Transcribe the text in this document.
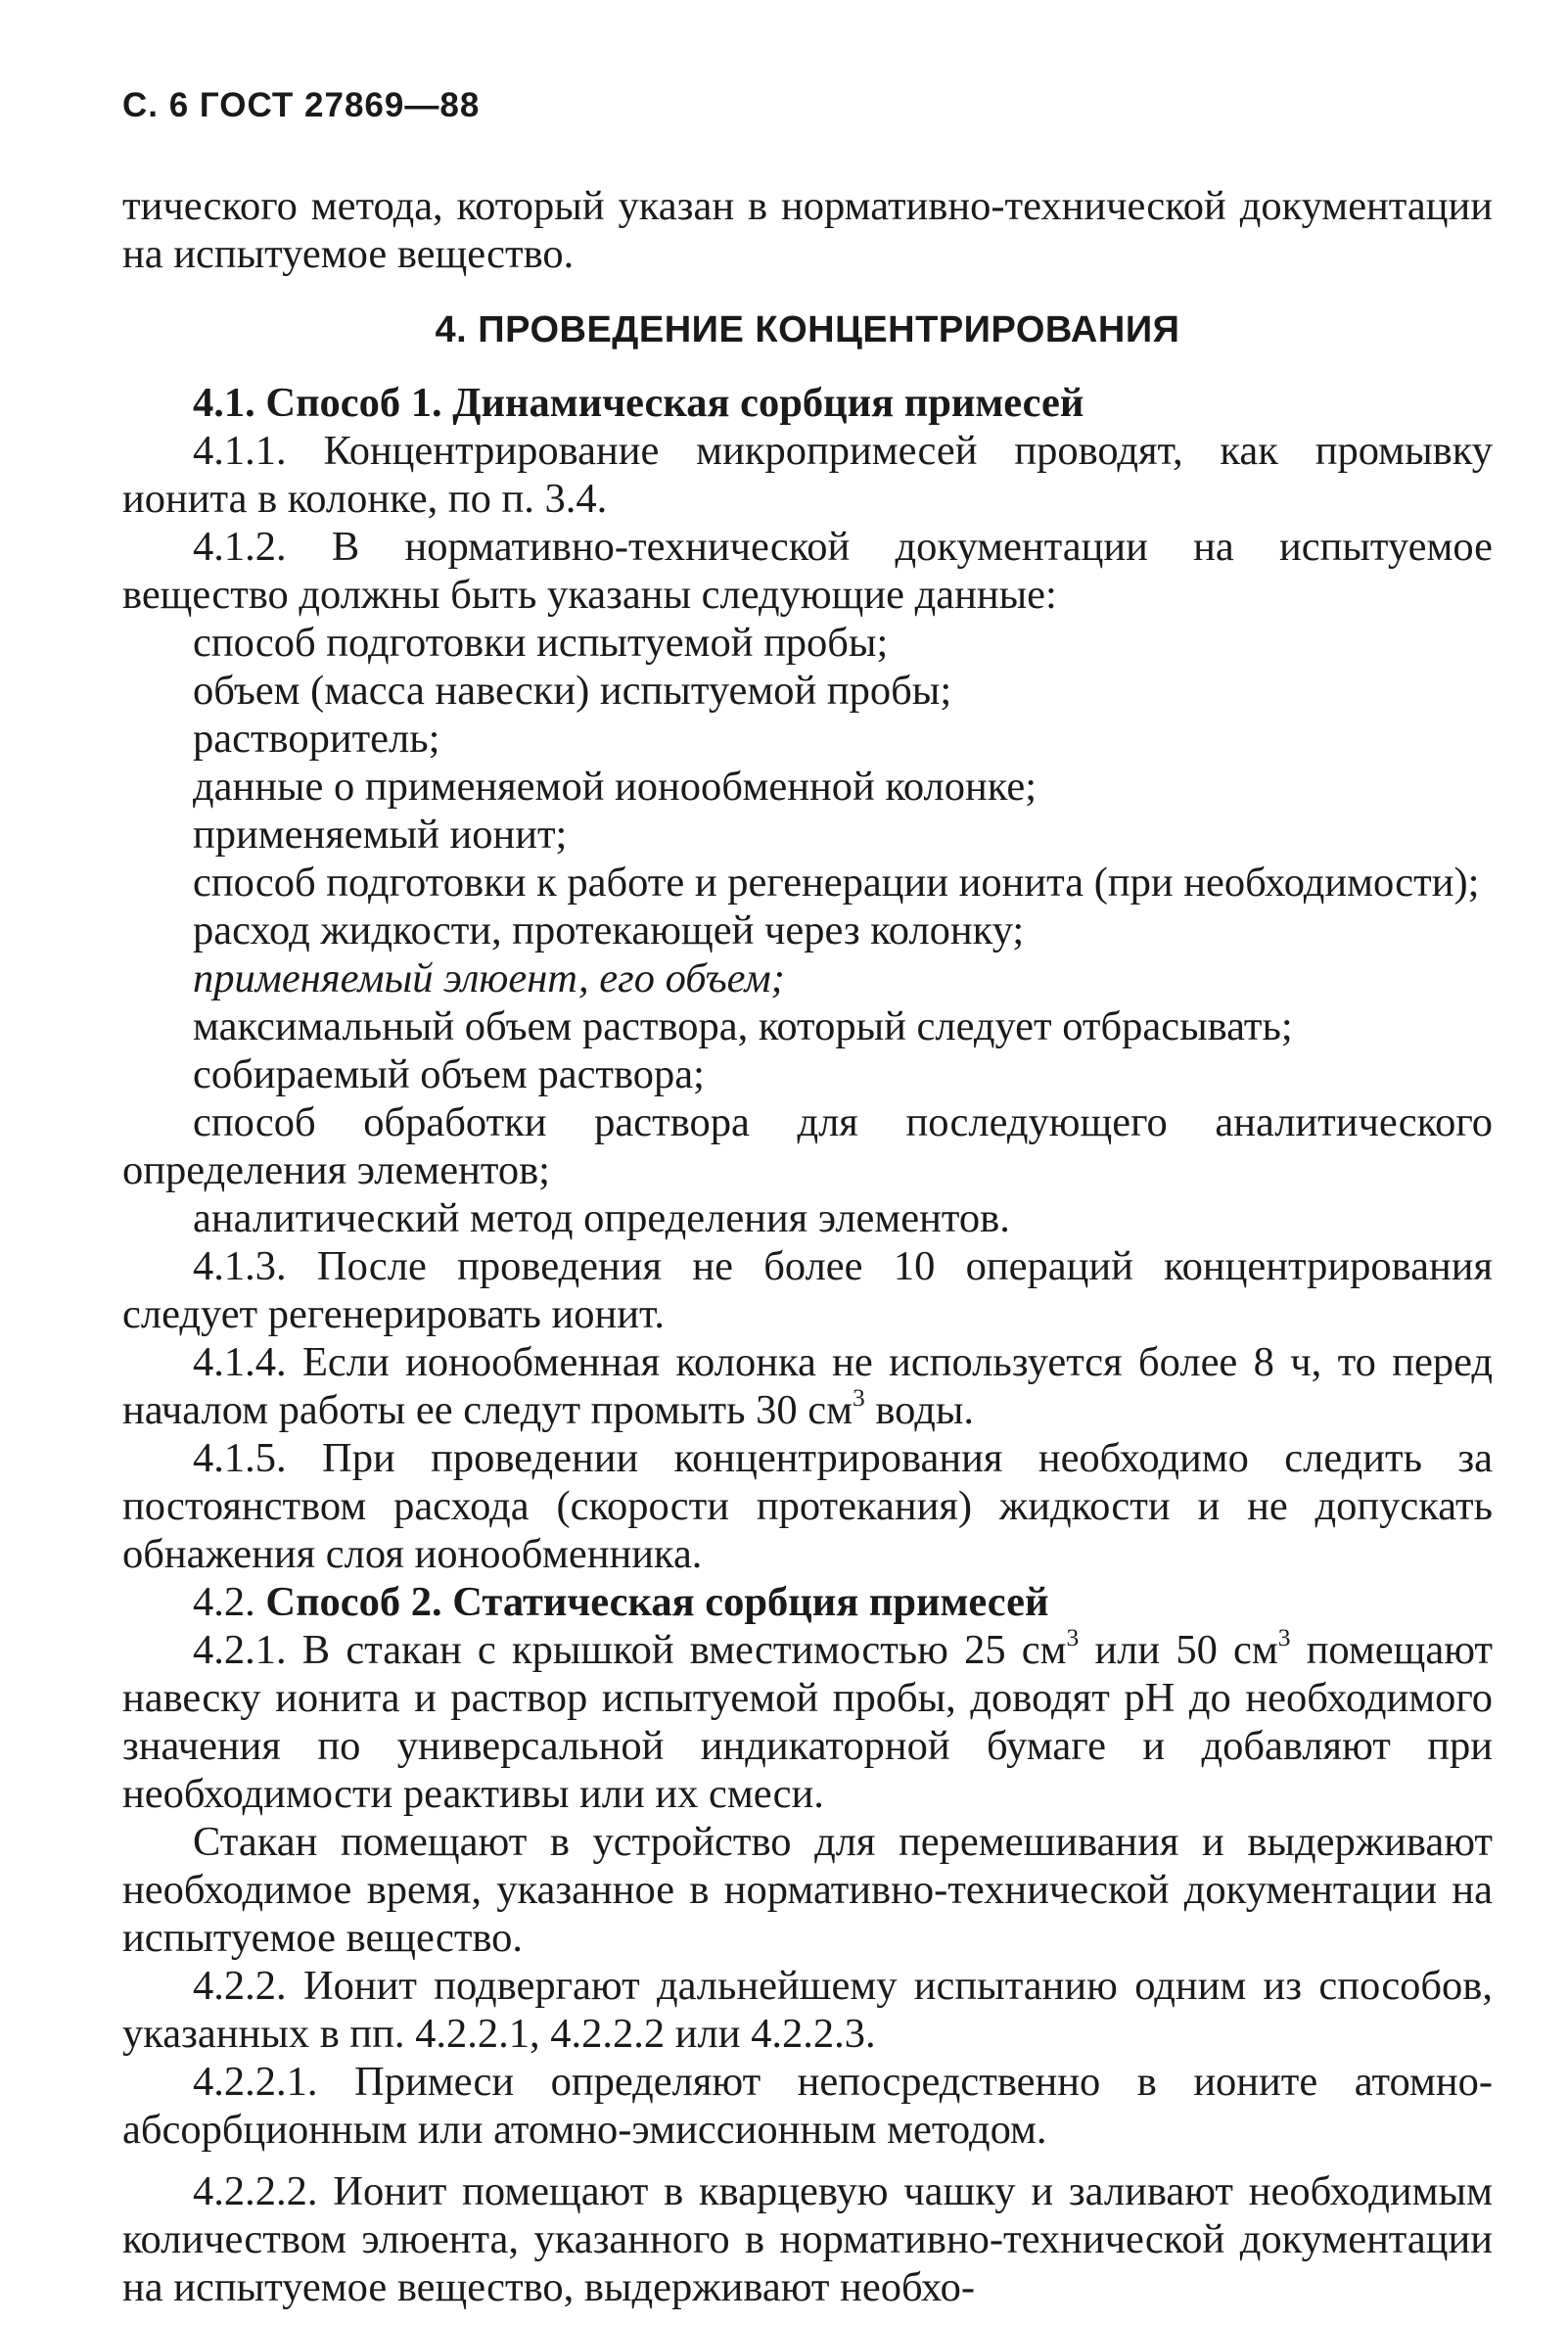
С. 6 ГОСТ 27869—88

тического метода, который указан в нормативно-технической документации на испытуемое вещество.

4. ПРОВЕДЕНИЕ КОНЦЕНТРИРОВАНИЯ

4.1. Способ 1. Динамическая сорбция примесей

4.1.1. Концентрирование микропримесей проводят, как промывку ионита в колонке, по п. 3.4.

4.1.2. В нормативно-технической документации на испытуемое вещество должны быть указаны следующие данные:

способ подготовки испытуемой пробы;

объем (масса навески) испытуемой пробы;

растворитель;

данные о применяемой ионообменной колонке;

применяемый ионит;

способ подготовки к работе и регенерации ионита (при необходимости);

расход жидкости, протекающей через колонку;

применяемый элюент, его объем;

максимальный объем раствора, который следует отбрасывать;

собираемый объем раствора;

способ обработки раствора для последующего аналитического определения элементов;

аналитический метод определения элементов.

4.1.3. После проведения не более 10 операций концентрирования следует регенерировать ионит.

4.1.4. Если ионообменная колонка не используется более 8 ч, то перед началом работы ее следут промыть 30 $см^3$ воды.

4.1.5. При проведении концентрирования необходимо следить за постоянством расхода (скорости протекания) жидкости и не допускать обнажения слоя ионообменника.

4.2. Способ 2. Статическая сорбция примесей

4.2.1. В стакан с крышкой вместимостью 25 $см^3$ или 50 $см^3$ помещают навеску ионита и раствор испытуемой пробы, доводят pH до необходимого значения по универсальной индикаторной бумаге и добавляют при необходимости реактивы или их смеси.

Стакан помещают в устройство для перемешивания и выдерживают необходимое время, указанное в нормативно-технической документации на испытуемое вещество.

4.2.2. Ионит подвергают дальнейшему испытанию одним из способов, указанных в пп. 4.2.2.1, 4.2.2.2 или 4.2.2.3.

4.2.2.1. Примеси определяют непосредственно в ионите атомно-абсорбционным или атомно-эмиссионным методом.

4.2.2.2. Ионит помещают в кварцевую чашку и заливают необходимым количеством элюента, указанного в нормативно-технической документации на испытуемое вещество, выдерживают необхо-
